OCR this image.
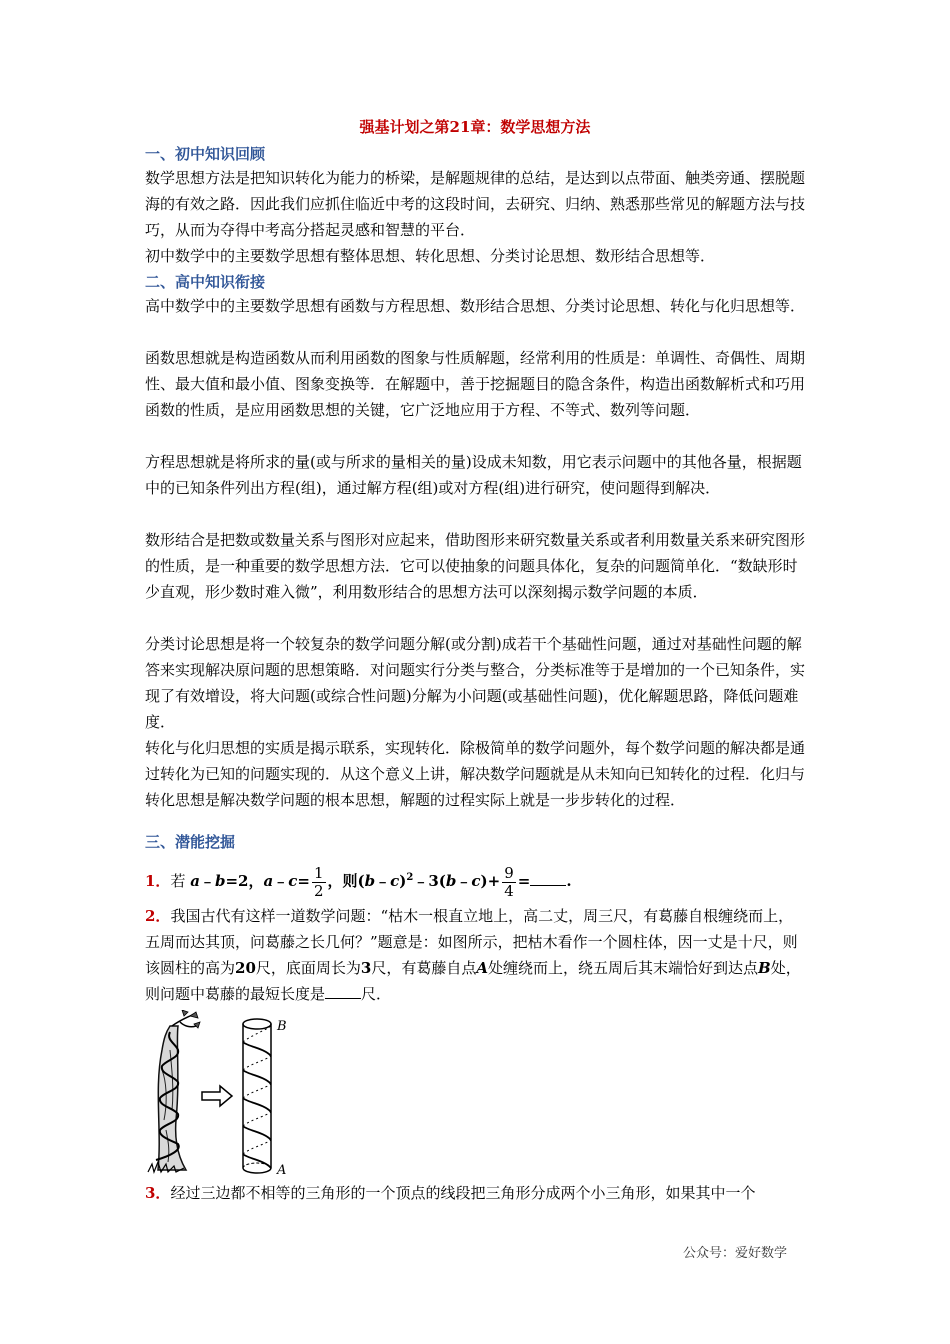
强基计划之第21章：数学思想方法
一、初中知识回顾

数学思想方法是把知识转化为能力的桥梁，是解题规律的总结，是达到以点带面、触类旁通、摆脱题海的有效之路．因此我们应抓住临近中考的这段时间，去研究、归纳、熟悉那些常见的解题方法与技巧，从而为夺得中考高分搭起灵感和智慧的平台．

初中数学中的主要数学思想有整体思想、转化思想、分类讨论思想、数形结合思想等．

二、高中知识衔接

高中数学中的主要数学思想有函数与方程思想、数形结合思想、分类讨论思想、转化与化归思想等．

函数思想就是构造函数从而利用函数的图象与性质解题，经常利用的性质是：单调性、奇偶性、周期性、最大值和最小值、图象变换等．在解题中，善于挖掘题目的隐含条件，构造出函数解析式和巧用函数的性质，是应用函数思想的关键，它广泛地应用于方程、不等式、数列等问题．

方程思想就是将所求的量(或与所求的量相关的量)设成未知数，用它表示问题中的其他各量，根据题中的已知条件列出方程(组)，通过解方程(组)或对方程(组)进行研究，使问题得到解决．

数形结合是把数或数量关系与图形对应起来，借助图形来研究数量关系或者利用数量关系来研究图形的性质，是一种重要的数学思想方法．它可以使抽象的问题具体化，复杂的问题简单化．“数缺形时少直观，形少数时难入微”，利用数形结合的思想方法可以深刻揭示数学问题的本质．

分类讨论思想是将一个较复杂的数学问题分解(或分割)成若干个基础性问题，通过对基础性问题的解答来实现解决原问题的思想策略．对问题实行分类与整合，分类标准等于是增加的一个已知条件，实现了有效增设，将大问题(或综合性问题)分解为小问题(或基础性问题)，优化解题思路，降低问题难度．

转化与化归思想的实质是揭示联系，实现转化．除极简单的数学问题外，每个数学问题的解决都是通过转化为已知的问题实现的．从这个意义上讲，解决数学问题就是从未知向已知转化的过程．化归与转化思想是解决数学问题的根本思想，解题的过程实际上就是一步步转化的过程．

三、潜能挖掘

1．若 a﹣b=2，a﹣c= $\frac{1}{2}$ ，则(b﹣c)$^2$﹣3(b﹣c)+ $\frac{9}{4}$ = .

2．我国古代有这样一道数学问题：“枯木一根直立地上，高二丈，周三尺，有葛藤自根缠绕而上，五周而达其顶，问葛藤之长几何？”题意是：如图所示，把枯木看作一个圆柱体，因一丈是十尺，则该圆柱的高为20尺，底面周长为3尺，有葛藤自点A处缠绕而上，绕五周后其末端恰好到达点B处，则问题中葛藤的最短长度是 尺．

B
A

3．经过三边都不相等的三角形的一个顶点的线段把三角形分成两个小三角形，如果其中一个

公众号：爱好数学
